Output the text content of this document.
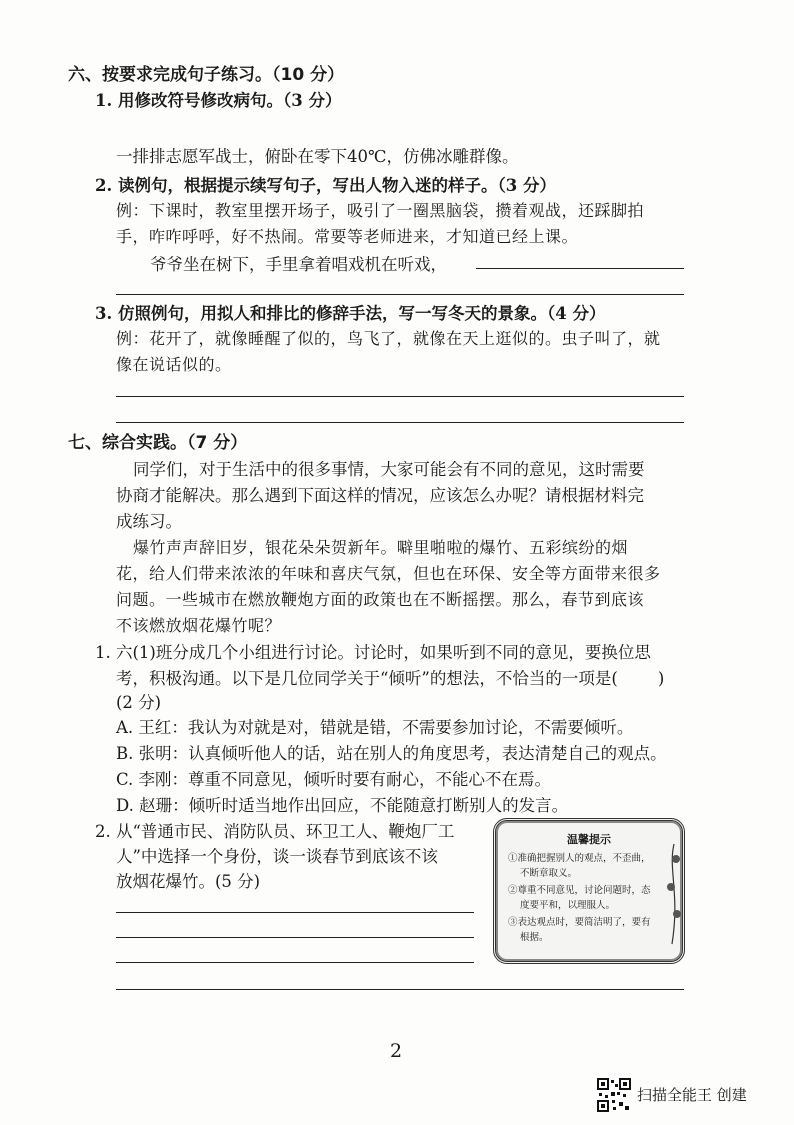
六、按要求完成句子练习。（10 分）
1. 用修改符号修改病句。（3 分）
一排排志愿军战士，俯卧在零下40℃，仿佛冰雕群像。
2. 读例句，根据提示续写句子，写出人物入迷的样子。（3 分）
例：下课时，教室里摆开场子，吸引了一圈黑脑袋，攒着观战，还踩脚拍
手，咋咋呼呼，好不热闹。常要等老师进来，才知道已经上课。
爷爷坐在树下，手里拿着唱戏机在听戏，
3. 仿照例句，用拟人和排比的修辞手法，写一写冬天的景象。（4 分）
例：花开了，就像睡醒了似的，鸟飞了，就像在天上逛似的。虫子叫了，就
像在说话似的。
七、综合实践。（7 分）
同学们，对于生活中的很多事情，大家可能会有不同的意见，这时需要
协商才能解决。那么遇到下面这样的情况，应该怎么办呢？请根据材料完
成练习。
爆竹声声辞旧岁，银花朵朵贺新年。噼里啪啦的爆竹、五彩缤纷的烟
花，给人们带来浓浓的年味和喜庆气氛，但也在环保、安全等方面带来很多
问题。一些城市在燃放鞭炮方面的政策也在不断摇摆。那么，春节到底该
不该燃放烟花爆竹呢？
1. 六(1)班分成几个小组进行讨论。讨论时，如果听到不同的意见，要换位思
考，积极沟通。以下是几位同学关于“倾听”的想法，不恰当的一项是( )
(2 分)
A. 王红：我认为对就是对，错就是错，不需要参加讨论，不需要倾听。
B. 张明：认真倾听他人的话，站在别人的角度思考，表达清楚自己的观点。
C. 李刚：尊重不同意见，倾听时要有耐心，不能心不在焉。
D. 赵珊：倾听时适当地作出回应，不能随意打断别人的发言。
2. 从“普通市民、消防队员、环卫工人、鞭炮厂工
人”中选择一个身份，谈一谈春节到底该不该
放烟花爆竹。(5 分)
温馨提示
①准确把握别人的观点，不歪曲，
不断章取义。
②尊重不同意见，讨论问题时，态
度要平和，以理服人。
③表达观点时，要简洁明了，要有
根据。
2
扫描全能王 创建
